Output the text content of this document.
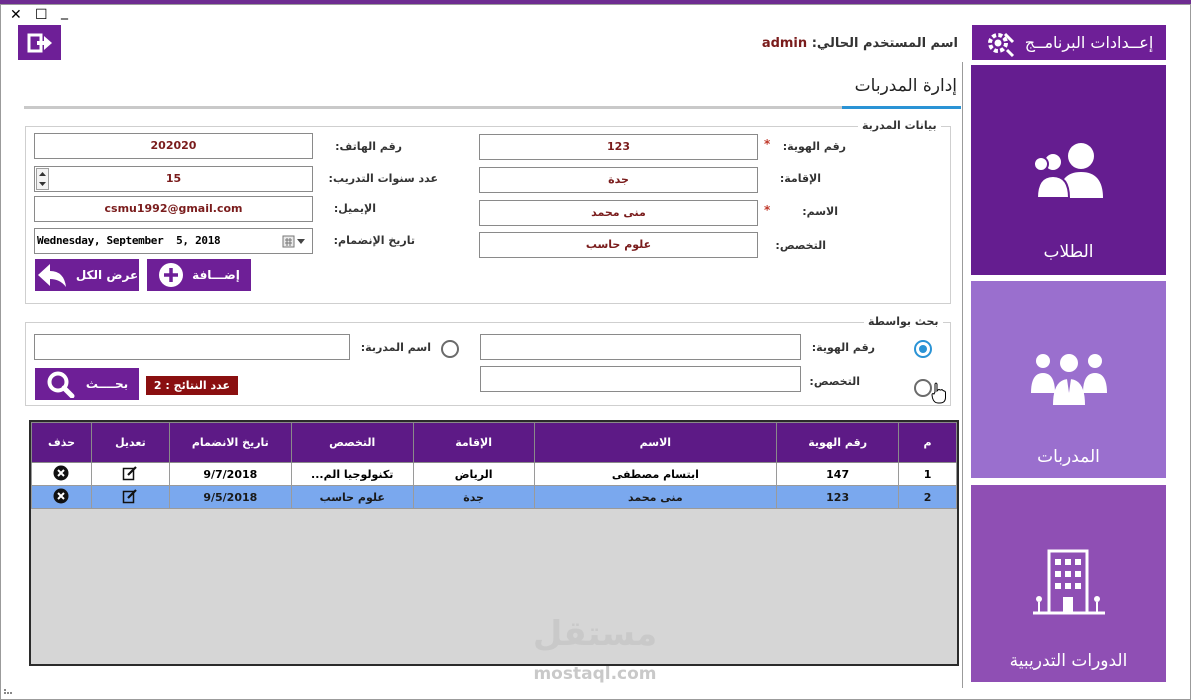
✕ ☐ _
اسم المستخدم الحالي: admin	إعــدادات البرنامــج
إدارة المدربات
الطلاب
المدربات
الدورات التدريبية
بيانات المدربة
123	*	رقم الهوية:
جدة	الإقامة:
منى محمد	*	الاسم:
علوم حاسب	التخصص:
202020	رقم الهاتف:
15	عدد سنوات التدريب:
csmu1992@gmail.com	الإيميل:
Wednesday, September  5, 2018	تاريخ الإنضمام:
إضـــافة
عرض الكل
بحث بواسطة
رقم الهوية:
التخصص:
اسم المدربة:
بحــــث	عدد النتائج : 2
حذف	تعديل	تاريخ الانضمام	التخصص	الإقامة	الاسم	رقم الهوية	م
		9/7/2018	تكنولوجيا الم...	الرياض	ابتسام مصطفى	147	1
		9/5/2018	علوم حاسب	جدة	منى محمد	123	2
مستقل
mostaql.com
